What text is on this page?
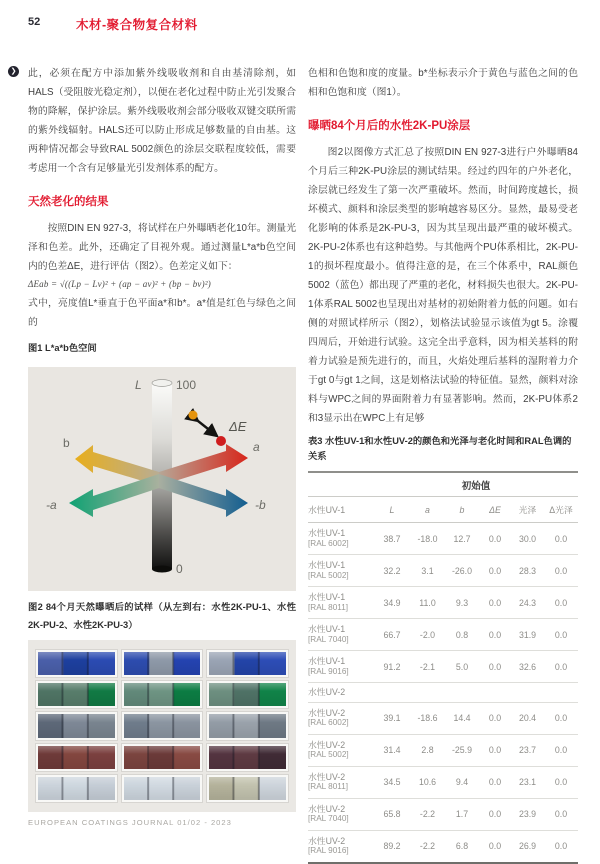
52	木材-聚合物复合材料
❯ 此，必须在配方中添加紫外线吸收剂和自由基清除剂，如HALS（受阻胺光稳定剂），以便在老化过程中防止光引发聚合物的降解，保护涂层。紫外线吸收剂会部分吸收双键交联所需的紫外线辐射。HALS还可以防止形成足够数量的自由基。这两种情况都会导致RAL 5002颜色的涂层交联程度较低，需要考虑用一个含有足够量光引发剂体系的配方。

天然老化的结果

按照DIN EN 927-3，将试样在户外曝晒老化10年。测量光泽和色差。此外，还确定了目视外观。通过测量L*a*b色空间内的色差ΔE，进行评估（图2）。色差定义如下：

ΔEab = √((Lp − Lv)² + (ap − av)² + (bp − bv)²)

式中，亮度值L*垂直于色平面a*和b*。a*值是红色与绿色之间的

图1 L*a*b色空间

ΔE
L	100
0
b	a
-a	-b

图2 84个月天然曝晒后的试样（从左到右：水性2K-PU-1、水性2K-PU-2、水性2K-PU-3）

色相和色饱和度的度量。b*坐标表示介于黄色与蓝色之间的色相和色饱和度（图1）。

曝晒84个月后的水性2K-PU涂层

图2以图像方式汇总了按照DIN EN 927-3进行户外曝晒84个月后三种2K-PU涂层的测试结果。经过约四年的户外老化，涂层就已经发生了第一次严重破坏。然而，时间跨度越长，损坏模式、颜料和涂层类型的影响越容易区分。显然，最易受老化影响的体系是2K-PU-3，因为其呈现出最严重的破坏模式。2K-PU-2体系也有这种趋势。与其他两个PU体系相比，2K-PU-1的损坏程度最小。值得注意的是，在三个体系中，RAL颜色5002（蓝色）都出现了严重的老化，材料损失也很大。2K-PU-1体系RAL 5002也呈现出对基材的初始附着力低的问题。如右侧的对照试样所示（图2），划格法试验显示该值为gt 5。涂覆四周后，开始进行试验。这完全出乎意料，因为相关基料的附着力试验是预先进行的，而且，火焰处理后基料的湿附着力介于gt 0与gt 1之间，这是划格法试验的特征值。显然，颜料对涂料与WPC之间的界面附着力有显著影响。然而，2K-PU体系2和3显示出在WPC上有足够

表3 水性UV-1和水性UV-2的颜色和光泽与老化时间和RAL色调的关系

	初始值					
水性UV-1	L	a	b	ΔE	光泽	Δ光泽

水性UV-1
[RAL 6002]	38.7	-18.0	12.7	0.0	30.0	0.0

水性UV-1
[RAL 5002]	32.2	3.1	-26.0	0.0	28.3	0.0

水性UV-1
[RAL 8011]	34.9	11.0	9.3	0.0	24.3	0.0

水性UV-1
[RAL 7040]	66.7	-2.0	0.8	0.0	31.9	0.0

水性UV-1
[RAL 9016]	91.2	-2.1	5.0	0.0	32.6	0.0

水性UV-2						

水性UV-2
[RAL 6002]	39.1	-18.6	14.4	0.0	20.4	0.0

水性UV-2
[RAL 5002]	31.4	2.8	-25.9	0.0	23.7	0.0

水性UV-2
[RAL 8011]	34.5	10.6	9.4	0.0	23.1	0.0

水性UV-2
[RAL 7040]	65.8	-2.2	1.7	0.0	23.9	0.0

水性UV-2
[RAL 9016]	89.2	-2.2	6.8	0.0	26.9	0.0
EUROPEAN COATINGS JOURNAL 01/02 - 2023
